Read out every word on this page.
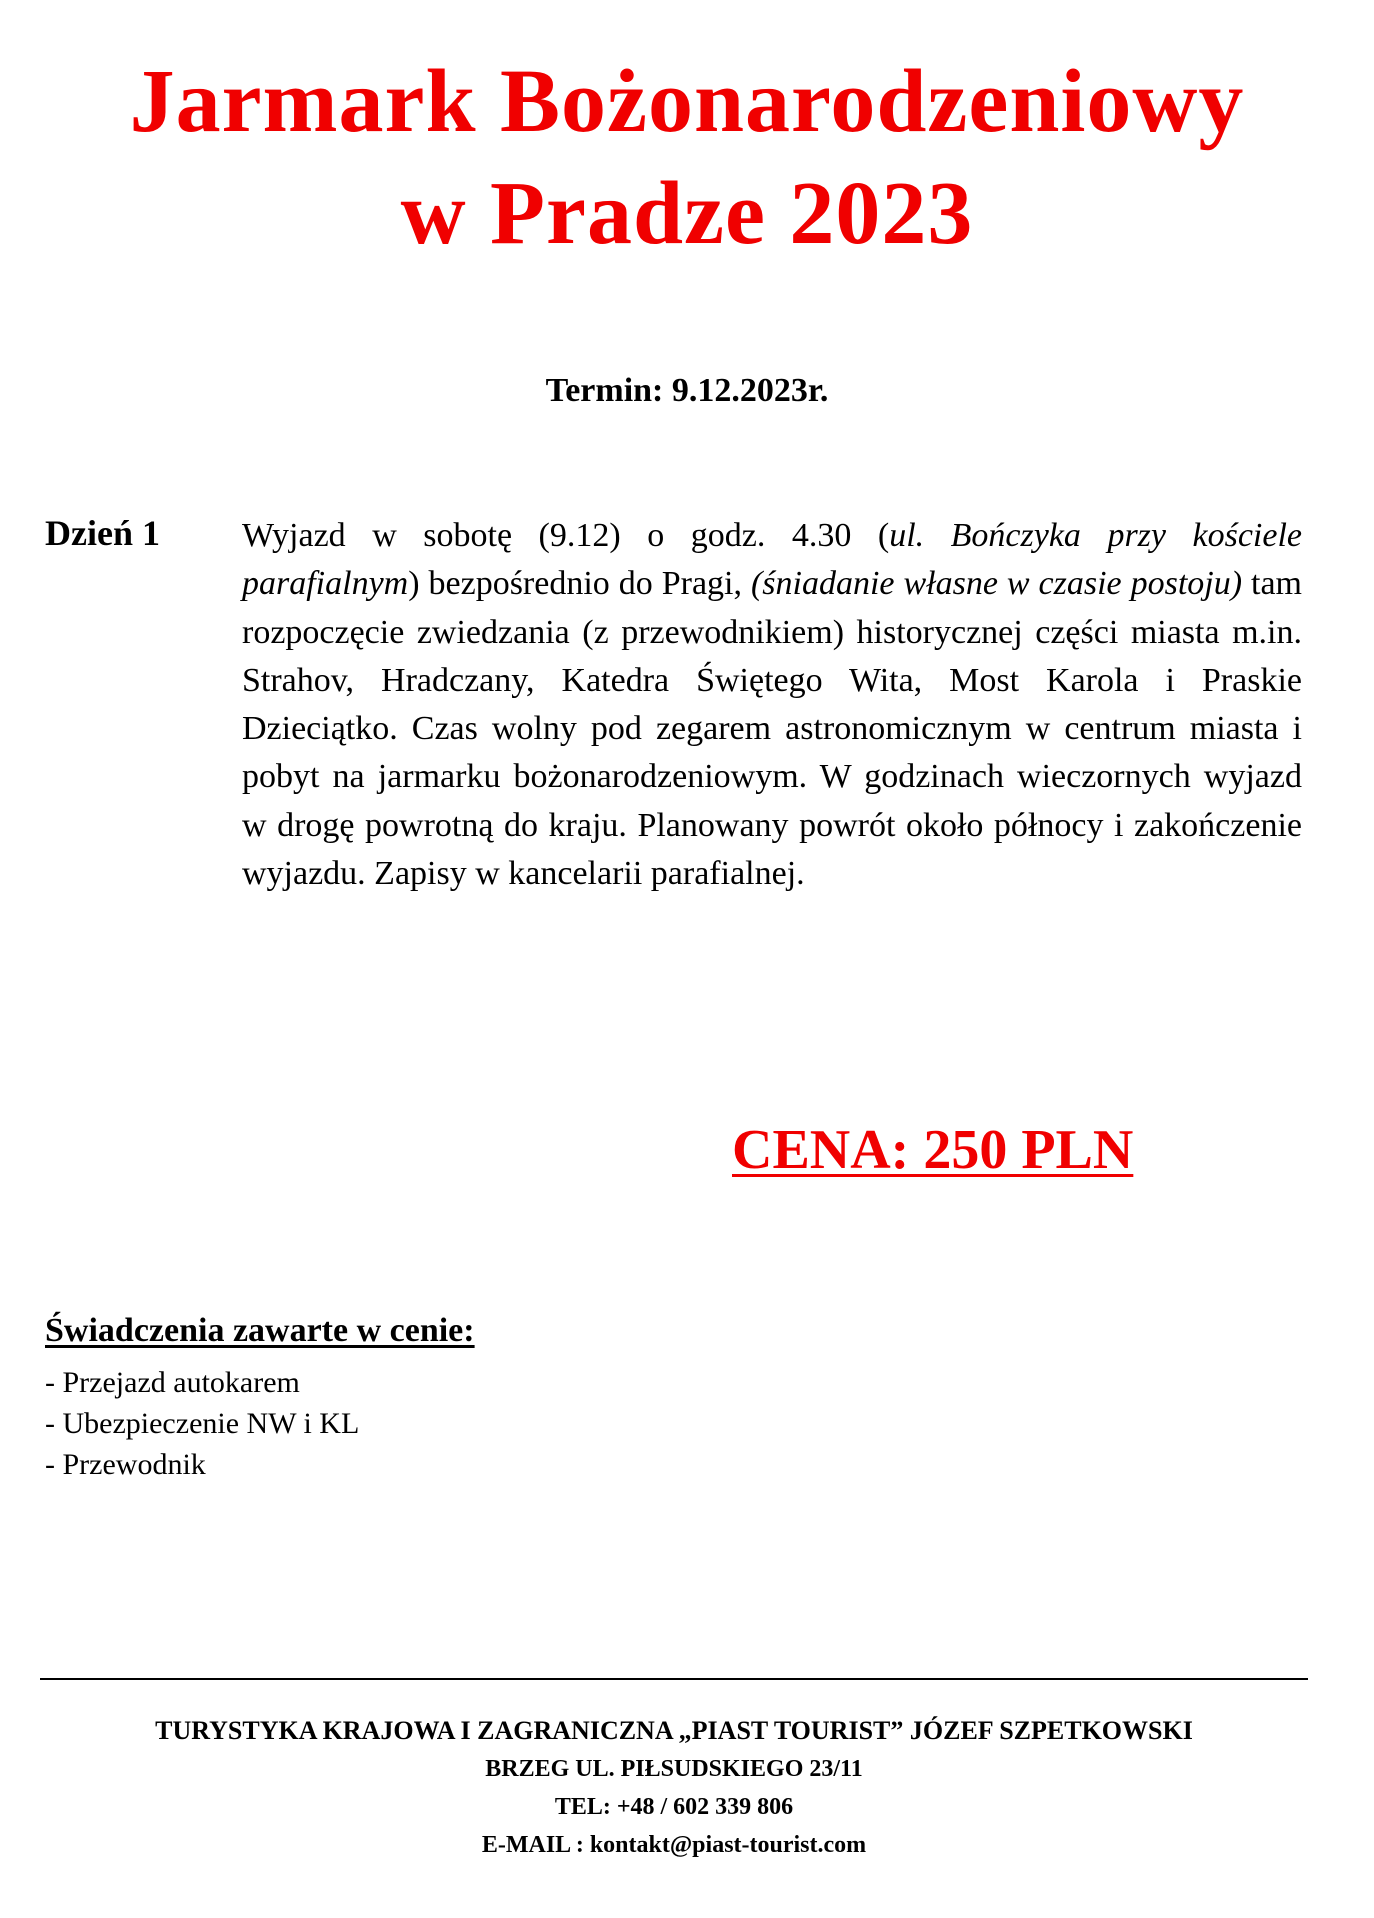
Jarmark Bożonarodzeniowy
w Pradze 2023
Termin: 9.12.2023r.
Dzień 1 Wyjazd w sobotę (9.12) o godz. 4.30 (ul. Bończyka przy kościele parafialnym) bezpośrednio do Pragi, (śniadanie własne w czasie postoju) tam rozpoczęcie zwiedzania (z przewodnikiem) historycznej części miasta m.in. Strahov, Hradczany, Katedra Świętego Wita, Most Karola i Praskie Dzieciątko. Czas wolny pod zegarem astronomicznym w centrum miasta i pobyt na jarmarku bożonarodzeniowym. W godzinach wieczornych wyjazd w drogę powrotną do kraju. Planowany powrót około północy i zakończenie wyjazdu. Zapisy w kancelarii parafialnej.
CENA: 250 PLN
Świadczenia zawarte w cenie:
- Przejazd autokarem
- Ubezpieczenie NW i KL
- Przewodnik
TURYSTYKA KRAJOWA I ZAGRANICZNA „PIAST TOURIST” JÓZEF SZPETKOWSKI
BRZEG UL. PIŁSUDSKIEGO 23/11
TEL: +48 / 602 339 806
E-MAIL : kontakt@piast-tourist.com
